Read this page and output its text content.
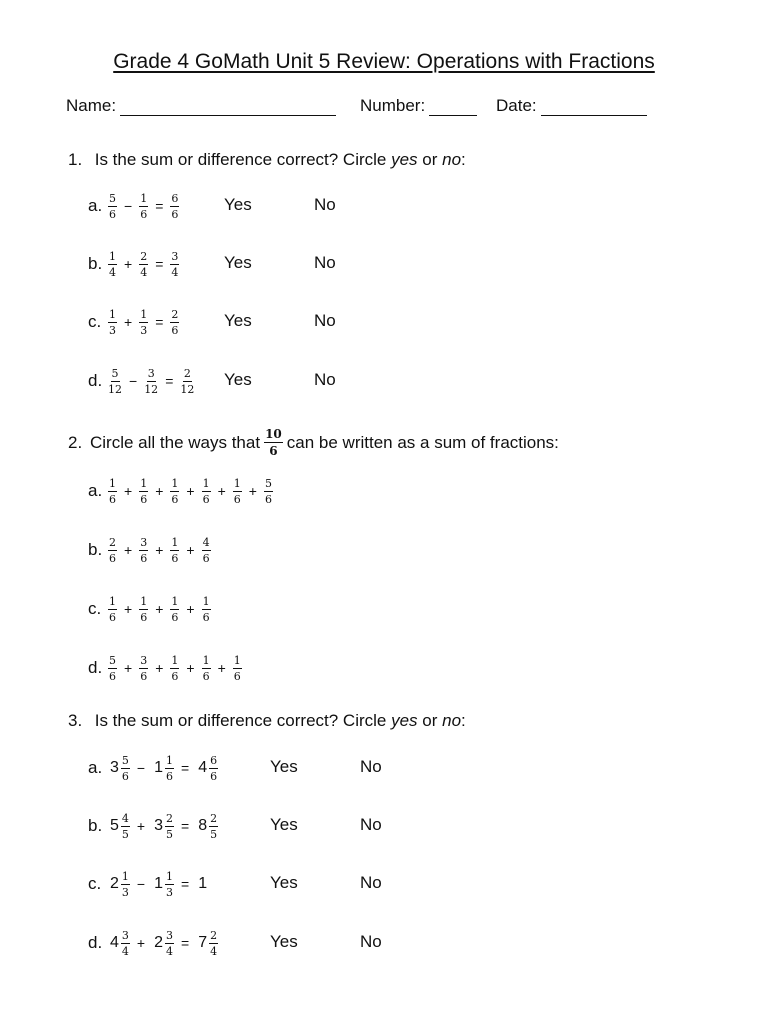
Grade 4 GoMath Unit 5 Review: Operations with Fractions
Name:	Number:	Date:
1. Is the sum or difference correct? Circle yes or no:
a. $\frac{5}{6} - \frac{1}{6} = \frac{6}{6}$	Yes	No
b. $\frac{1}{4} + \frac{2}{4} = \frac{3}{4}$	Yes	No
c. $\frac{1}{3} + \frac{1}{3} = \frac{2}{6}$	Yes	No
d. $\frac{5}{12} - \frac{3}{12} = \frac{2}{12}$ Yes	No
2. Circle all the ways that $\frac{10}{6}$ can be written as a sum of fractions:
a. $\frac{1}{6} + \frac{1}{6} + \frac{1}{6} + \frac{1}{6} + \frac{1}{6} + \frac{5}{6}$
b. $\frac{2}{6} + \frac{3}{6} + \frac{1}{6} + \frac{4}{6}$
c. $\frac{1}{6} + \frac{1}{6} + \frac{1}{6} + \frac{1}{6}$
d. $\frac{5}{6} + \frac{3}{6} + \frac{1}{6} + \frac{1}{6} + \frac{1}{6}$
3. Is the sum or difference correct? Circle yes or no:
a. $3 \frac{5}{6} - 1 \frac{1}{6} = 4 \frac{6}{6}$	Yes	No
b. $5 \frac{4}{5} + 3 \frac{2}{5} = 8 \frac{2}{5}$	Yes	No
c. $2 \frac{1}{3} - 1 \frac{1}{3} = 1$	Yes	No
d. $4 \frac{3}{4} + 2 \frac{3}{4} = 7 \frac{2}{4}$	Yes	No
